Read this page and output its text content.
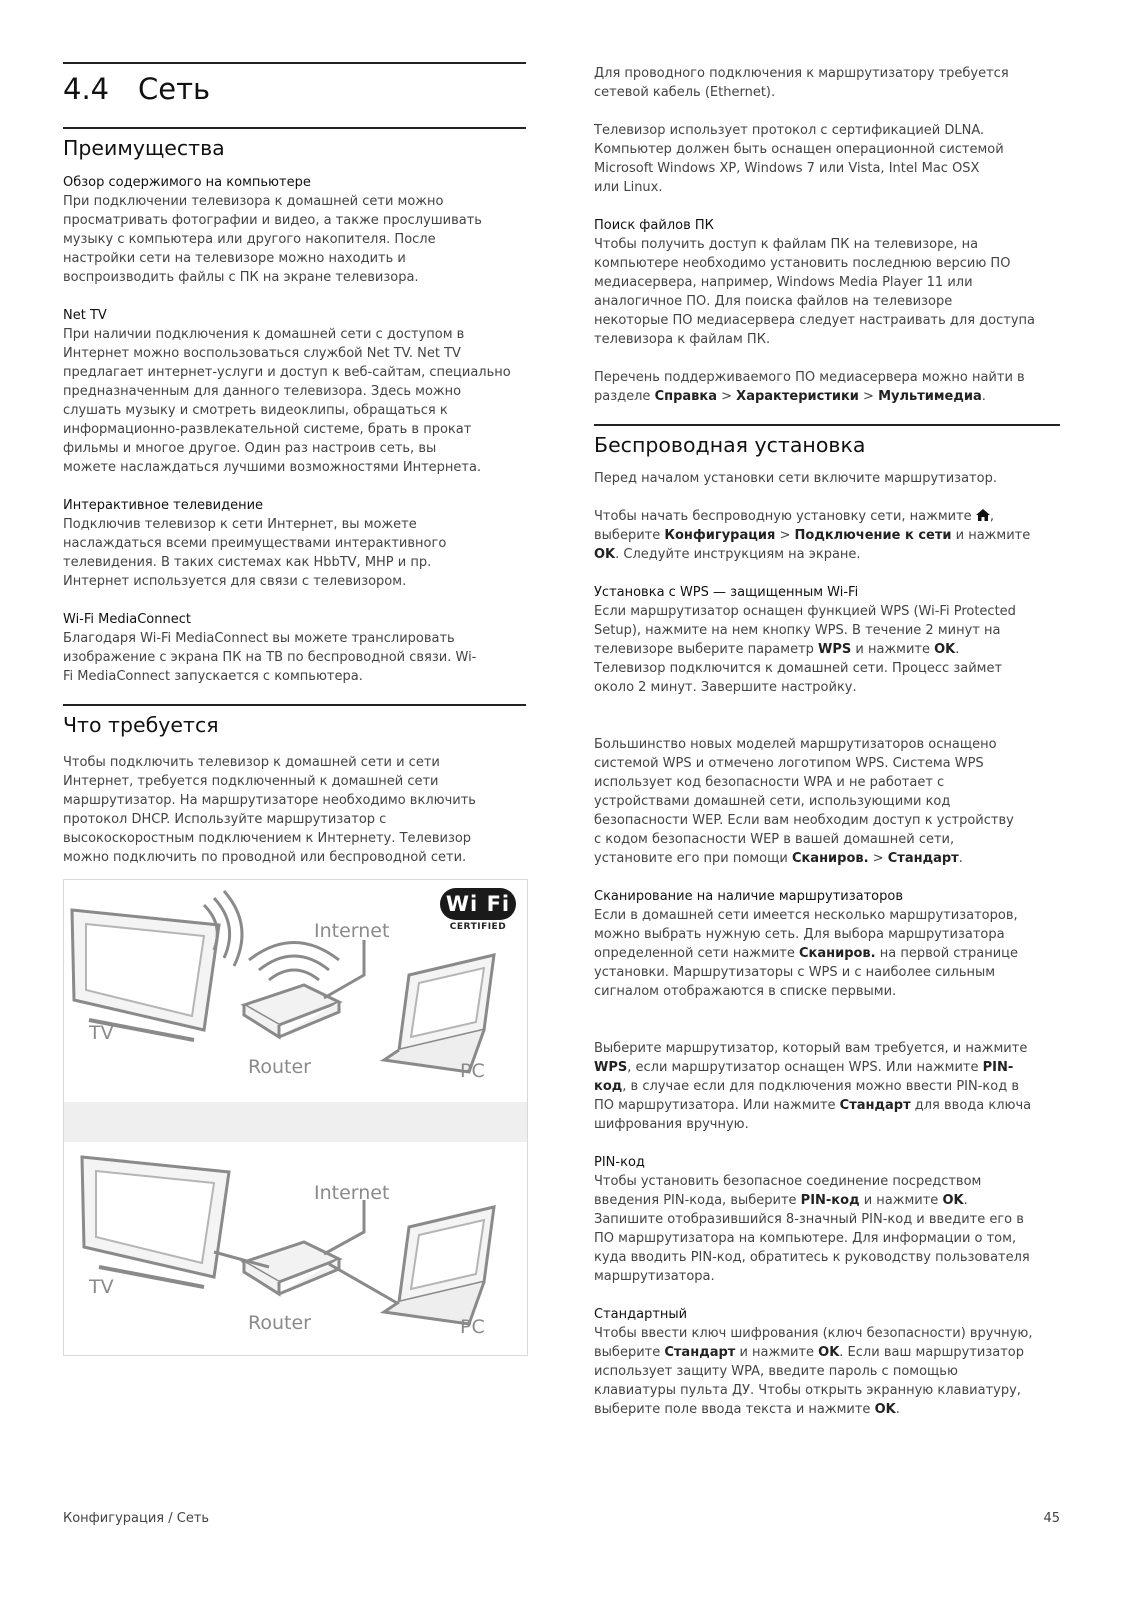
4.4 Сеть
Преимущества
Обзор содержимого на компьютере
При подключении телевизора к домашней сети можно
просматривать фотографии и видео, а также прослушивать
музыку с компьютера или другого накопителя. После
настройки сети на телевизоре можно находить и
воспроизводить файлы с ПК на экране телевизора.
Net TV
При наличии подключения к домашней сети с доступом в
Интернет можно воспользоваться службой Net TV. Net TV
предлагает интернет-услуги и доступ к веб-сайтам, специально
предназначенным для данного телевизора. Здесь можно
слушать музыку и смотреть видеоклипы, обращаться к
информационно-развлекательной системе, брать в прокат
фильмы и многое другое. Один раз настроив сеть, вы
можете наслаждаться лучшими возможностями Интернета.
Интерактивное телевидение
Подключив телевизор к сети Интернет, вы можете
наслаждаться всеми преимуществами интерактивного
телевидения. В таких системах как HbbTV, MHP и пр.
Интернет используется для связи с телевизором.
Wi-Fi MediaConnect
Благодаря Wi-Fi MediaConnect вы можете транслировать
изображение с экрана ПК на ТВ по беспроводной связи. Wi-
Fi MediaConnect запускается с компьютера.
Что требуется
Чтобы подключить телевизор к домашней сети и сети
Интернет, требуется подключенный к домашней сети
маршрутизатор. На маршрутизаторе необходимо включить
протокол DHCP. Используйте маршрутизатор с
высокоскоростным подключением к Интернету. Телевизор
можно подключить по проводной или беспроводной сети.
Wi Fi
CERTIFIED
Internet
TV
Router	PC
Internet
TV
Router	PC
Для проводного подключения к маршрутизатору требуется
сетевой кабель (Ethernet).
Телевизор использует протокол с сертификацией DLNA.
Компьютер должен быть оснащен операционной системой
Microsoft Windows XP, Windows 7 или Vista, Intel Mac OSX
или Linux.
Поиск файлов ПК
Чтобы получить доступ к файлам ПК на телевизоре, на
компьютере необходимо установить последнюю версию ПО
медиасервера, например, Windows Media Player 11 или
аналогичное ПО. Для поиска файлов на телевизоре
некоторые ПО медиасервера следует настраивать для доступа
телевизора к файлам ПК.
Перечень поддерживаемого ПО медиасервера можно найти в
разделе Справка > Характеристики > Мультимедиа.
Беспроводная установка
Перед началом установки сети включите маршрутизатор.
Чтобы начать беспроводную установку сети, нажмите ,
выберите Конфигурация > Подключение к сети и нажмите
OK. Следуйте инструкциям на экране.
Установка с WPS — защищенным Wi-Fi
Если маршрутизатор оснащен функцией WPS (Wi-Fi Protected
Setup), нажмите на нем кнопку WPS. В течение 2 минут на
телевизоре выберите параметр WPS и нажмите OK.
Телевизор подключится к домашней сети. Процесс займет
около 2 минут. Завершите настройку.
Большинство новых моделей маршрутизаторов оснащено
системой WPS и отмечено логотипом WPS. Система WPS
использует код безопасности WPA и не работает с
устройствами домашней сети, использующими код
безопасности WEP. Если вам необходим доступ к устройству
с кодом безопасности WEP в вашей домашней сети,
установите его при помощи Сканиров. > Стандарт.
Сканирование на наличие маршрутизаторов
Если в домашней сети имеется несколько маршрутизаторов,
можно выбрать нужную сеть. Для выбора маршрутизатора
определенной сети нажмите Сканиров. на первой странице
установки. Маршрутизаторы с WPS и с наиболее сильным
сигналом отображаются в списке первыми.
Выберите маршрутизатор, который вам требуется, и нажмите
WPS, если маршрутизатор оснащен WPS. Или нажмите PIN-
код, в случае если для подключения можно ввести PIN-код в
ПО маршрутизатора. Или нажмите Стандарт для ввода ключа
шифрования вручную.
PIN-код
Чтобы установить безопасное соединение посредством
введения PIN-кода, выберите PIN-код и нажмите OK.
Запишите отобразившийся 8-значный PIN-код и введите его в
ПО маршрутизатора на компьютере. Для информации о том,
куда вводить PIN-код, обратитесь к руководству пользователя
маршрутизатора.
Стандартный
Чтобы ввести ключ шифрования (ключ безопасности) вручную,
выберите Стандарт и нажмите OK. Если ваш маршрутизатор
использует защиту WPA, введите пароль с помощью
клавиатуры пульта ДУ. Чтобы открыть экранную клавиатуру,
выберите поле ввода текста и нажмите OK.
Конфигурация / Сеть	45
